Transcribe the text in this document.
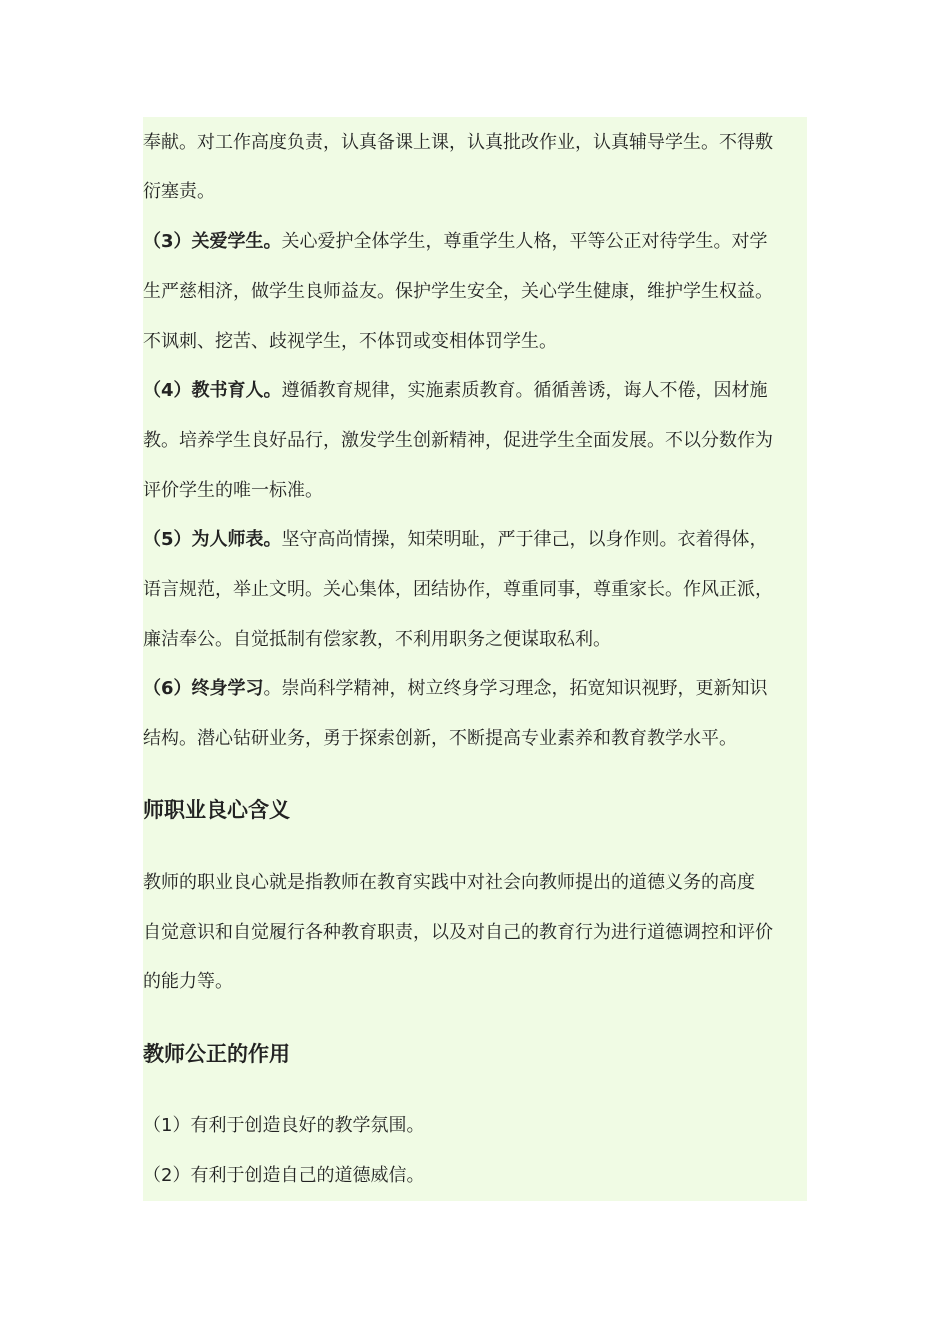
奉献。对工作高度负责，认真备课上课，认真批改作业，认真辅导学生。不得敷
衍塞责。
（3）关爱学生。关心爱护全体学生，尊重学生人格，平等公正对待学生。对学
生严慈相济，做学生良师益友。保护学生安全，关心学生健康，维护学生权益。
不讽刺、挖苦、歧视学生，不体罚或变相体罚学生。
（4）教书育人。遵循教育规律，实施素质教育。循循善诱，诲人不倦，因材施
教。培养学生良好品行，激发学生创新精神，促进学生全面发展。不以分数作为
评价学生的唯一标准。
（5）为人师表。坚守高尚情操，知荣明耻，严于律己，以身作则。衣着得体，
语言规范，举止文明。关心集体，团结协作，尊重同事，尊重家长。作风正派，
廉洁奉公。自觉抵制有偿家教，不利用职务之便谋取私利。
（6）终身学习。崇尚科学精神，树立终身学习理念，拓宽知识视野，更新知识
结构。潜心钻研业务，勇于探索创新，不断提高专业素养和教育教学水平。
师职业良心含义
教师的职业良心就是指教师在教育实践中对社会向教师提出的道德义务的高度
自觉意识和自觉履行各种教育职责，以及对自己的教育行为进行道德调控和评价
的能力等。
教师公正的作用
（1）有利于创造良好的教学氛围。
（2）有利于创造自己的道德威信。
